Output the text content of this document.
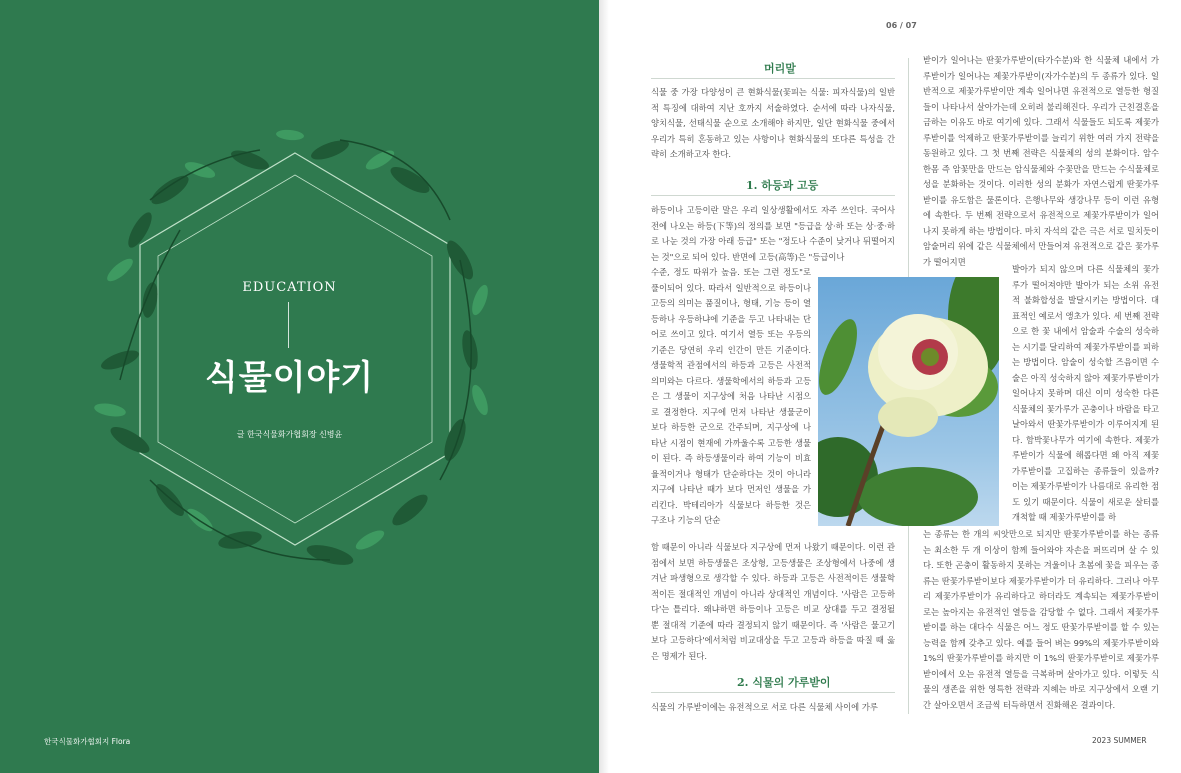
EDUCATION
식물이야기
글 한국식물화가협회장 신병윤
한국식물화가협회지 Flora
06 / 07
머리말
식물 중 가장 다양성이 큰 현화식물(꽃피는 식물: 피자식물)의 일반적 특징에 대하여 지난 호까지 서술하였다. 순서에 따라 나자식물, 양치식물, 선태식물 순으로 소개해야 하지만, 일단 현화식물 중에서 우리가 특히 혼동하고 있는 사항이나 현화식물의 또다른 특성을 간략히 소개하고자 한다.
1. 하등과 고등
하등이나 고등이란 말은 우리 일상생활에서도 자주 쓰인다. 국어사전에 나오는 하등(下等)의 정의를 보면 "등급을 상·하 또는 상·중·하로 나눈 것의 가장 아래 등급" 또는 "정도나 수준이 낮거나 뒤떨어지는 것"으로 되어 있다. 반면에 고등(高等)은 "등급이나
수준, 정도 따위가 높음. 또는 그런 정도"로 풀이되어 있다. 따라서 일반적으로 하등이나 고등의 의미는 품질이나, 형태, 기능 등이 열등하나 우등하냐에 기준을 두고 나타내는 단어로 쓰이고 있다. 여기서 열등 또는 우등의 기준은 당연히 우리 인간이 만든 기준이다. 생물학적 관점에서의 하등과 고등은 사전적 의미와는 다르다. 생물학에서의 하등과 고등은 그 생물이 지구상에 처음 나타난 시점으로 결정한다. 지구에 먼저 나타난 생물군이 보다 하등한 군으로 간주되며, 지구상에 나타난 시점이 현재에 가까울수록 고등한 생물이 된다. 즉 하등생물이라 하여 기능이 비효율적이거나 형태가 단순하다는 것이 아니라 지구에 나타난 때가 보다 먼저인 생물을 가리킨다. 박테리아가 식물보다 하등한 것은 구조나 기능의 단순
함 때문이 아니라 식물보다 지구상에 먼저 나왔기 때문이다. 이런 관점에서 보면 하등생물은 조상형, 고등생물은 조상형에서 나중에 생겨난 파생형으로 생각할 수 있다. 하등과 고등은 사전적이든 생물학적이든 절대적인 개념이 아니라 상대적인 개념이다. '사람은 고등하다'는 틀리다. 왜냐하면 하등이나 고등은 비교 상대를 두고 결정될 뿐 절대적 기준에 따라 결정되지 않기 때문이다. 즉 '사람은 물고기보다 고등하다'에서처럼 비교대상을 두고 고등과 하등을 따질 때 옳은 명제가 된다.
2. 식물의 가루받이
식물의 가루받이에는 유전적으로 서로 다른 식물체 사이에 가루
받이가 일어나는 딴꽃가루받이(타가수분)와 한 식물체 내에서 가루받이가 일어나는 제꽃가루받이(자가수분)의 두 종류가 있다. 일반적으로 제꽃가루받이만 계속 일어나면 유전적으로 열등한 형질들이 나타나서 살아가는데 오히려 불리해진다. 우리가 근친결혼을 금하는 이유도 바로 여기에 있다. 그래서 식물들도 되도록 제꽃가루받이를 억제하고 딴꽃가루받이를 늘리기 위한 여러 가지 전략을 동원하고 있다. 그 첫 번째 전략은 식물체의 성의 분화이다. 암수한몸 즉 암꽃만을 만드는 암식물체와 수꽃만을 만드는 수식물체로 성을 분화하는 것이다. 이러한 성의 분화가 자연스럽게 딴꽃가루받이를 유도함은 물론이다. 은행나무와 생강나무 등이 이런 유형에 속한다. 두 번째 전략으로서 유전적으로 제꽃가루받이가 일어나지 못하게 하는 방법이다. 마치 자석의 같은 극은 서로 밀치듯이 암술머리 위에 같은 식물체에서 만들어져 유전적으로 같은 꽃가루가 떨어지면
발아가 되지 않으며 다른 식물체의 꽃가루가 떨어져야만 발아가 되는 소위 유전적 불화합성을 발달시키는 방법이다. 대표적인 예로서 앵초가 있다. 세 번째 전략으로 한 꽃 내에서 암술과 수술의 성숙하는 시기를 달리하여 제꽃가루받이를 피하는 방법이다. 암술이 성숙할 즈음이면 수술은 아직 성숙하지 않아 제꽃가루받이가 일어나지 못하며 대신 이미 성숙한 다른 식물체의 꽃가루가 곤충이나 바람을 타고 날아와서 딴꽃가루받이가 이루어지게 된다. 함박꽃나무가 여기에 속한다. 제꽃가루받이가 식물에 해롭다면 왜 아직 제꽃가루받이를 고집하는 종류들이 있을까? 이는 제꽃가루받이가 나름대로 유리한 점도 있기 때문이다. 식물이 새로운 살터를 개척할 때 제꽃가루받이를 하
는 종류는 한 개의 씨앗만으로 되지만 딴꽃가루받이를 하는 종류는 최소한 두 개 이상이 함께 들어와야 자손을 퍼뜨리며 살 수 있다. 또한 곤충이 활동하지 못하는 겨울이나 초봄에 꽃을 피우는 종류는 딴꽃가루받이보다 제꽃가루받이가 더 유리하다. 그러나 아무리 제꽃가루받이가 유리하다고 하더라도 계속되는 제꽃가루받이로는 높아지는 유전적인 열등을 감당할 수 없다. 그래서 제꽃가루받이를 하는 대다수 식물은 어느 정도 딴꽃가루받이를 할 수 있는 능력을 함께 갖추고 있다. 예를 들어 벼는 99%의 제꽃가루받이와 1%의 딴꽃가루받이를 하지만 이 1%의 딴꽃가루받이로 제꽃가루받이에서 오는 유전적 열등을 극복하며 살아가고 있다. 이렇듯 식물의 생존을 위한 영특한 전략과 지혜는 바로 지구상에서 오랜 기간 살아오면서 조금씩 터득하면서 진화해온 결과이다.
2023 SUMMER
